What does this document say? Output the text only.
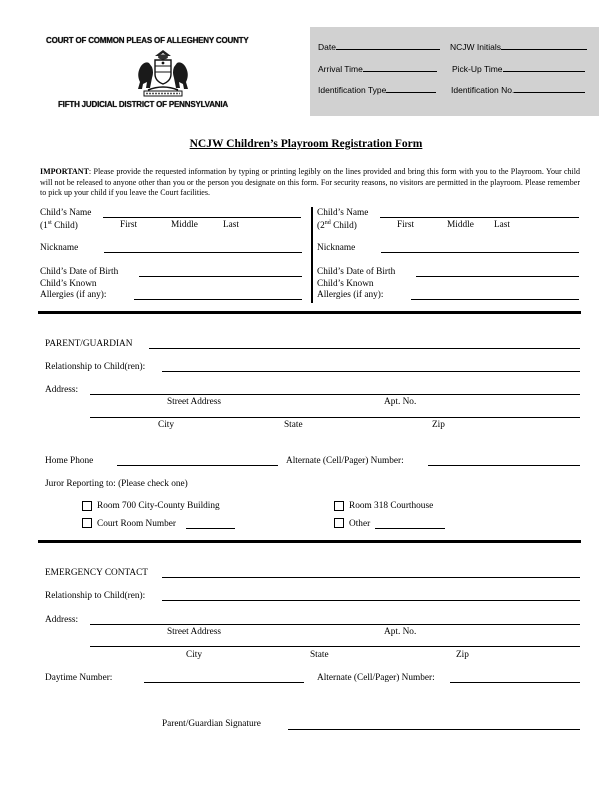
COURT OF COMMON PLEAS OF ALLEGHENY COUNTY
FIFTH JUDICIAL DISTRICT OF PENNSYLVANIA
Date	NCJW Initials
Arrival Time	Pick-Up Time
Identification Type	Identification No.
NCJW Children’s Playroom Registration Form
IMPORTANT: Please provide the requested information by typing or printing legibly on the lines provided and bring this form with you to the Playroom. Your child will not be released to anyone other than you or the person you designate on this form. For security reasons, no visitors are permitted in the playroom. Please remember to pick up your child if you leave the Court facilities.
Child’s Name
(1st Child)	First	Middle	Last
Nickname
Child’s Date of Birth
Child’s Known
Allergies (if any):
Child’s Name
(2nd Child)	First	Middle Last
Nickname
Child’s Date of Birth
Child’s Known
Allergies (if any):
PARENT/GUARDIAN
Relationship to Child(ren):
Address:
Street Address	Apt. No.
City	State	Zip
Home Phone	Alternate (Cell/Pager) Number:
Juror Reporting to: (Please check one)
Room 700 City-County Building	Room 318 Courthouse
Court Room Number	Other
EMERGENCY CONTACT
Relationship to Child(ren):
Address:
Street Address	Apt. No.
City	State	Zip
Daytime Number:	Alternate (Cell/Pager) Number:
Parent/Guardian Signature
